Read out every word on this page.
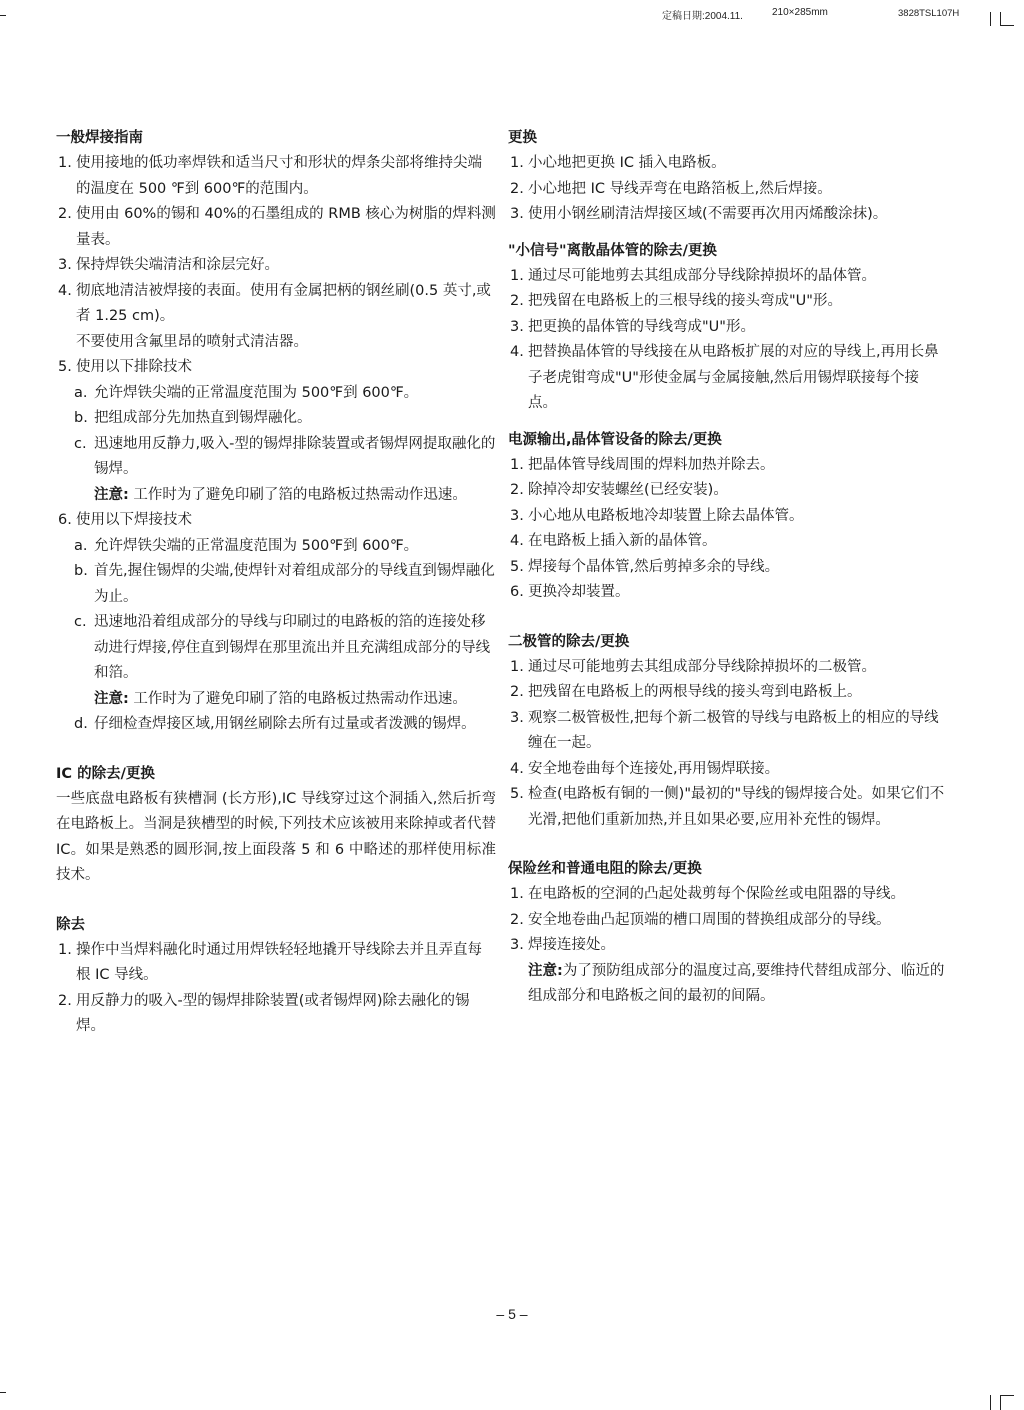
定稿日期:2004.11.	210×285mm	3828TSL107H
一般焊接指南
1. 使用接地的低功率焊铁和适当尺寸和形状的焊条尖部将维持尖端的温度在 500 ℉到 600℉的范围内。
2. 使用由 60%的锡和 40%的石墨组成的 RMB 核心为树脂的焊料测量表。
3. 保持焊铁尖端清洁和涂层完好。
4. 彻底地清洁被焊接的表面。使用有金属把柄的钢丝刷(0.5 英寸,或者 1.25 cm)。
不要使用含氟里昂的喷射式清洁器。
5. 使用以下排除技术
a. 允许焊铁尖端的正常温度范围为 500℉到 600℉。
b. 把组成部分先加热直到锡焊融化。
c. 迅速地用反静力,吸入-型的锡焊排除装置或者锡焊网提取融化的锡焊。
注意: 工作时为了避免印刷了箔的电路板过热需动作迅速。
6. 使用以下焊接技术
a. 允许焊铁尖端的正常温度范围为 500℉到 600℉。
b. 首先,握住锡焊的尖端,使焊针对着组成部分的导线直到锡焊融化为止。
c. 迅速地沿着组成部分的导线与印刷过的电路板的箔的连接处移动进行焊接,停住直到锡焊在那里流出并且充满组成部分的导线和箔。
注意: 工作时为了避免印刷了箔的电路板过热需动作迅速。
d. 仔细检查焊接区域,用钢丝刷除去所有过量或者泼溅的锡焊。
IC 的除去/更换
一些底盘电路板有狭槽洞 (长方形),IC 导线穿过这个洞插入,然后折弯在电路板上。当洞是狭槽型的时候,下列技术应该被用来除掉或者代替 IC。如果是熟悉的圆形洞,按上面段落 5 和 6 中略述的那样使用标准技术。
除去
1. 操作中当焊料融化时通过用焊铁轻轻地撬开导线除去并且弄直每根 IC 导线。
2. 用反静力的吸入-型的锡焊排除装置(或者锡焊网)除去融化的锡焊。
更换
1. 小心地把更换 IC 插入电路板。
2. 小心地把 IC 导线弄弯在电路箔板上,然后焊接。
3. 使用小钢丝刷清洁焊接区域(不需要再次用丙烯酸涂抹)。
"小信号"离散晶体管的除去/更换
1. 通过尽可能地剪去其组成部分导线除掉损坏的晶体管。
2. 把残留在电路板上的三根导线的接头弯成"U"形。
3. 把更换的晶体管的导线弯成"U"形。
4. 把替换晶体管的导线接在从电路板扩展的对应的导线上,再用长鼻子老虎钳弯成"U"形使金属与金属接触,然后用锡焊联接每个接点。
电源输出,晶体管设备的除去/更换
1. 把晶体管导线周围的焊料加热并除去。
2. 除掉冷却安装螺丝(已经安装)。
3. 小心地从电路板地冷却装置上除去晶体管。
4. 在电路板上插入新的晶体管。
5. 焊接每个晶体管,然后剪掉多余的导线。
6. 更换冷却装置。
二极管的除去/更换
1. 通过尽可能地剪去其组成部分导线除掉损坏的二极管。
2. 把残留在电路板上的两根导线的接头弯到电路板上。
3. 观察二极管极性,把每个新二极管的导线与电路板上的相应的导线缠在一起。
4. 安全地卷曲每个连接处,再用锡焊联接。
5. 检查(电路板有铜的一侧)"最初的"导线的锡焊接合处。如果它们不光滑,把他们重新加热,并且如果必要,应用补充性的锡焊。
保险丝和普通电阻的除去/更换
1. 在电路板的空洞的凸起处裁剪每个保险丝或电阻器的导线。
2. 安全地卷曲凸起顶端的槽口周围的替换组成部分的导线。
3. 焊接连接处。
注意:为了预防组成部分的温度过高,要维持代替组成部分、临近的组成部分和电路板之间的最初的间隔。
– 5 –
